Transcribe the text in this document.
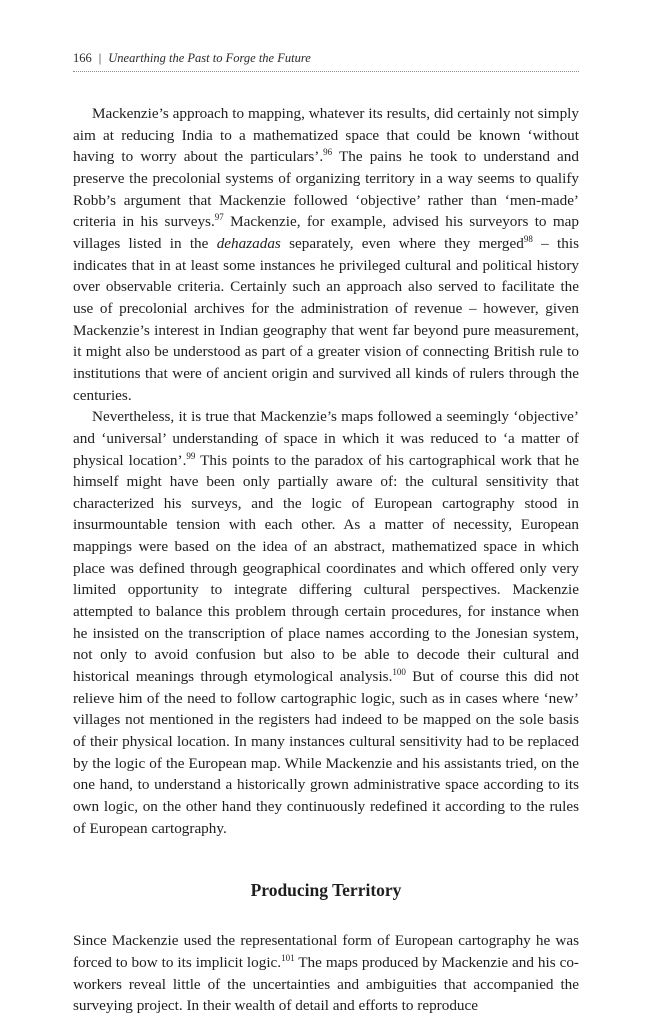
166 | Unearthing the Past to Forge the Future

Mackenzie’s approach to mapping, whatever its results, did certainly not simply aim at reducing India to a mathematized space that could be known ‘without having to worry about the particulars’.$^{96}$ The pains he took to understand and preserve the precolonial systems of organizing territory in a way seems to qualify Robb’s argument that Mackenzie followed ‘objective’ rather than ‘men-made’ criteria in his surveys.$^{97}$ Mackenzie, for example, advised his surveyors to map villages listed in the dehazadas separately, even where they merged$^{98}$ – this indicates that in at least some instances he privileged cultural and political history over observable criteria. Certainly such an approach also served to facilitate the use of precolonial archives for the administration of revenue – however, given Mackenzie’s interest in Indian geography that went far beyond pure measurement, it might also be understood as part of a greater vision of connecting British rule to institutions that were of ancient origin and survived all kinds of rulers through the centuries.

Nevertheless, it is true that Mackenzie’s maps followed a seemingly ‘objective’ and ‘universal’ understanding of space in which it was reduced to ‘a matter of physical location’.$^{99}$ This points to the paradox of his cartographical work that he himself might have been only partially aware of: the cultural sensitivity that characterized his surveys, and the logic of European cartography stood in insurmountable tension with each other. As a matter of necessity, European mappings were based on the idea of an abstract, mathematized space in which place was defined through geographical coordinates and which offered only very limited opportunity to integrate differing cultural perspectives. Mackenzie attempted to balance this problem through certain procedures, for instance when he insisted on the transcription of place names according to the Jonesian system, not only to avoid confusion but also to be able to decode their cultural and historical meanings through etymological analysis.$^{100}$ But of course this did not relieve him of the need to follow cartographic logic, such as in cases where ‘new’ villages not mentioned in the registers had indeed to be mapped on the sole basis of their physical location. In many instances cultural sensitivity had to be replaced by the logic of the European map. While Mackenzie and his assistants tried, on the one hand, to understand a historically grown administrative space according to its own logic, on the other hand they continuously redefined it according to the rules of European cartography.

Producing Territory

Since Mackenzie used the representational form of European cartography he was forced to bow to its implicit logic.$^{101}$ The maps produced by Mackenzie and his co-workers reveal little of the uncertainties and ambiguities that accompanied the surveying project. In their wealth of detail and efforts to reproduce
